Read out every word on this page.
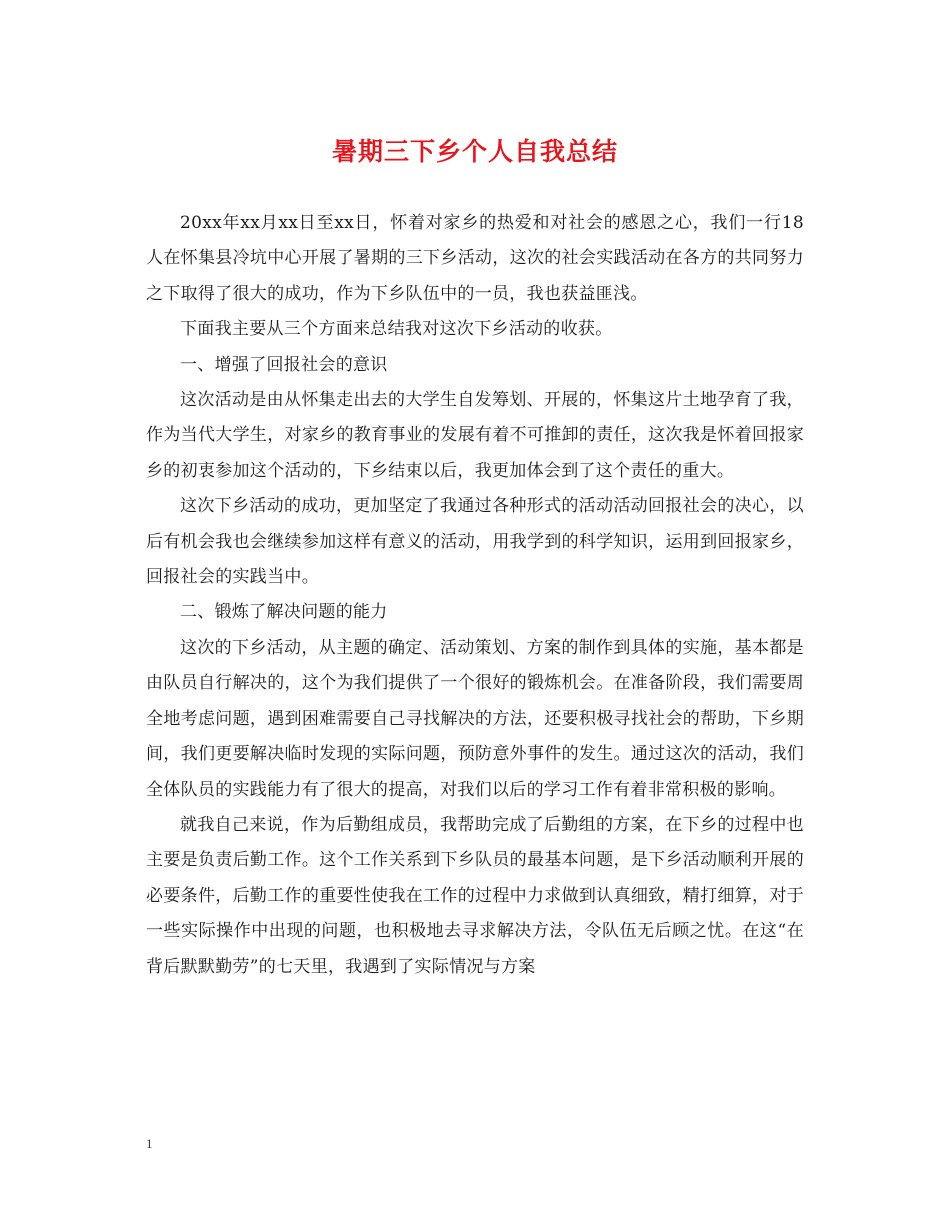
暑期三下乡个人自我总结

20xx年xx月xx日至xx日，怀着对家乡的热爱和对社会的感恩之心，我们一行18人在怀集县冷坑中心开展了暑期的三下乡活动，这次的社会实践活动在各方的共同努力之下取得了很大的成功，作为下乡队伍中的一员，我也获益匪浅。

下面我主要从三个方面来总结我对这次下乡活动的收获。

一、增强了回报社会的意识

这次活动是由从怀集走出去的大学生自发筹划、开展的，怀集这片土地孕育了我，作为当代大学生，对家乡的教育事业的发展有着不可推卸的责任，这次我是怀着回报家乡的初衷参加这个活动的，下乡结束以后，我更加体会到了这个责任的重大。

这次下乡活动的成功，更加坚定了我通过各种形式的活动活动回报社会的决心，以后有机会我也会继续参加这样有意义的活动，用我学到的科学知识，运用到回报家乡，回报社会的实践当中。

二、锻炼了解决问题的能力

这次的下乡活动，从主题的确定、活动策划、方案的制作到具体的实施，基本都是由队员自行解决的，这个为我们提供了一个很好的锻炼机会。在准备阶段，我们需要周全地考虑问题，遇到困难需要自己寻找解决的方法，还要积极寻找社会的帮助，下乡期间，我们更要解决临时发现的实际问题，预防意外事件的发生。通过这次的活动，我们全体队员的实践能力有了很大的提高，对我们以后的学习工作有着非常积极的影响。

就我自己来说，作为后勤组成员，我帮助完成了后勤组的方案，在下乡的过程中也主要是负责后勤工作。这个工作关系到下乡队员的最基本问题，是下乡活动顺利开展的必要条件，后勤工作的重要性使我在工作的过程中力求做到认真细致，精打细算，对于一些实际操作中出现的问题，也积极地去寻求解决方法，令队伍无后顾之忧。在这“在背后默默勤劳”的七天里，我遇到了实际情况与方案

1
